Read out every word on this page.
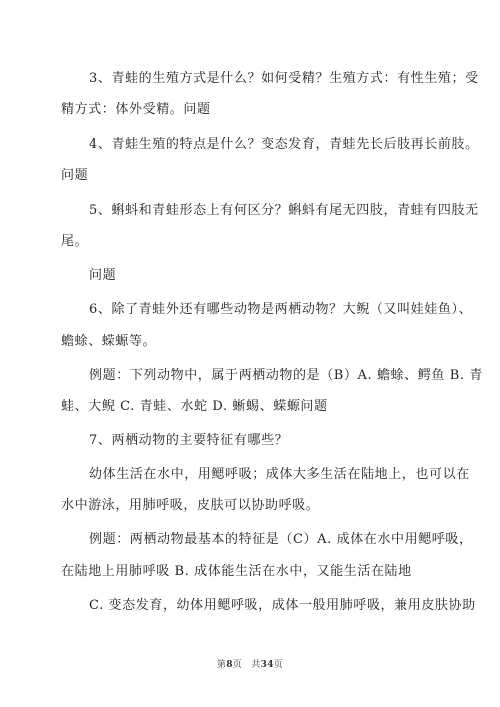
3、青蛙的生殖方式是什么？如何受精？生殖方式：有性生殖；受
精方式：体外受精。问题
4、青蛙生殖的特点是什么？变态发育，青蛙先长后肢再长前肢。
问题
5、蝌蚪和青蛙形态上有何区分？蝌蚪有尾无四肢，青蛙有四肢无
尾。
问题
6、除了青蛙外还有哪些动物是两栖动物？大鲵（又叫娃娃鱼）、
蟾蜍、蝾螈等。
例题：下列动物中，属于两栖动物的是（B）A. 蟾蜍、鳄鱼 B. 青
蛙、大鲵 C. 青蛙、水蛇 D. 蜥蜴、蝾螈问题
7、两栖动物的主要特征有哪些？
幼体生活在水中，用鳃呼吸；成体大多生活在陆地上，也可以在
水中游泳，用肺呼吸，皮肤可以协助呼吸。
例题：两栖动物最基本的特征是（C）A. 成体在水中用鳃呼吸，
在陆地上用肺呼吸 B. 成体能生活在水中，又能生活在陆地
C. 变态发育，幼体用鳃呼吸，成体一般用肺呼吸，兼用皮肤协助
第8页　共34页
